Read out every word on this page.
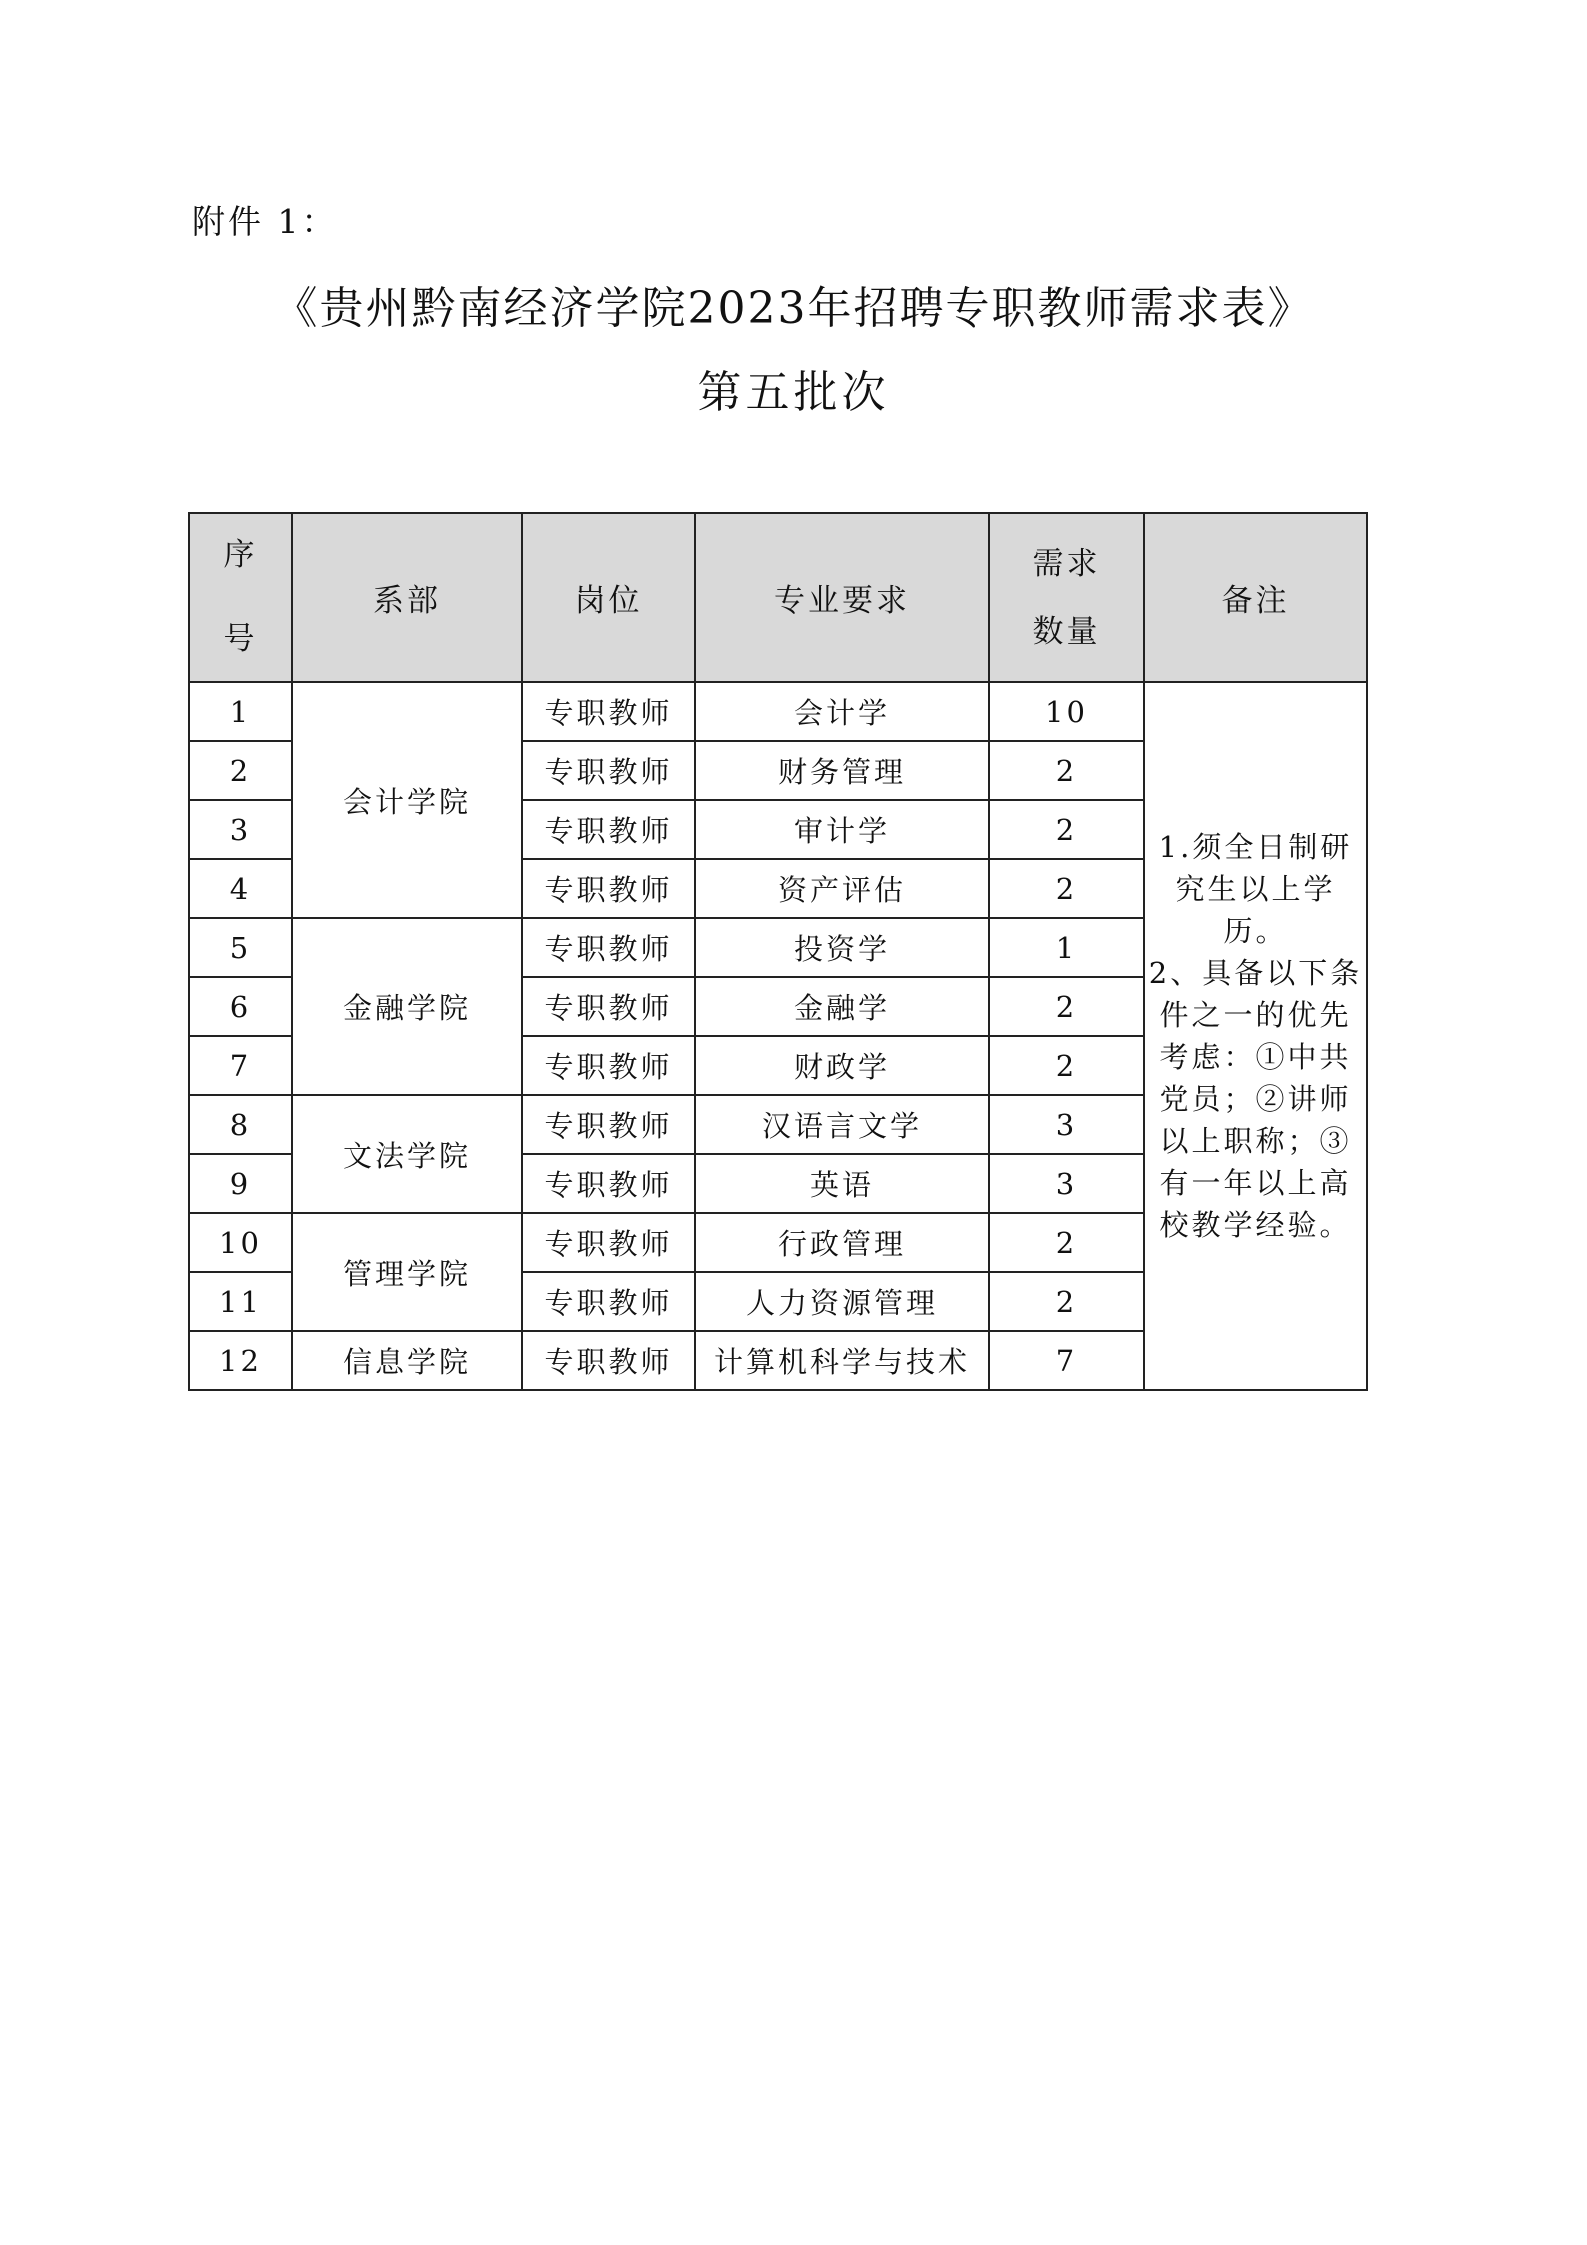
附件 1：
《贵州黔南经济学院2023年招聘专职教师需求表》
第五批次
序号	系部	岗位	专业要求	需求数量	备注
1	会计学院	专职教师	会计学	10	1.须全日制研究生以上学历。
2、具备以下条件之一的优先考虑：①中共党员；②讲师以上职称；③有一年以上高校教学经验。

2		专职教师	财务管理	2	
3		专职教师	审计学	2	
4		专职教师	资产评估	2	
5	金融学院	专职教师	投资学	1	
6		专职教师	金融学	2	
7		专职教师	财政学	2	
8	文法学院	专职教师	汉语言文学	3	
9		专职教师	英语	3	
10	管理学院	专职教师	行政管理	2	
11		专职教师	人力资源管理	2	
12	信息学院	专职教师	计算机科学与技术	7	
